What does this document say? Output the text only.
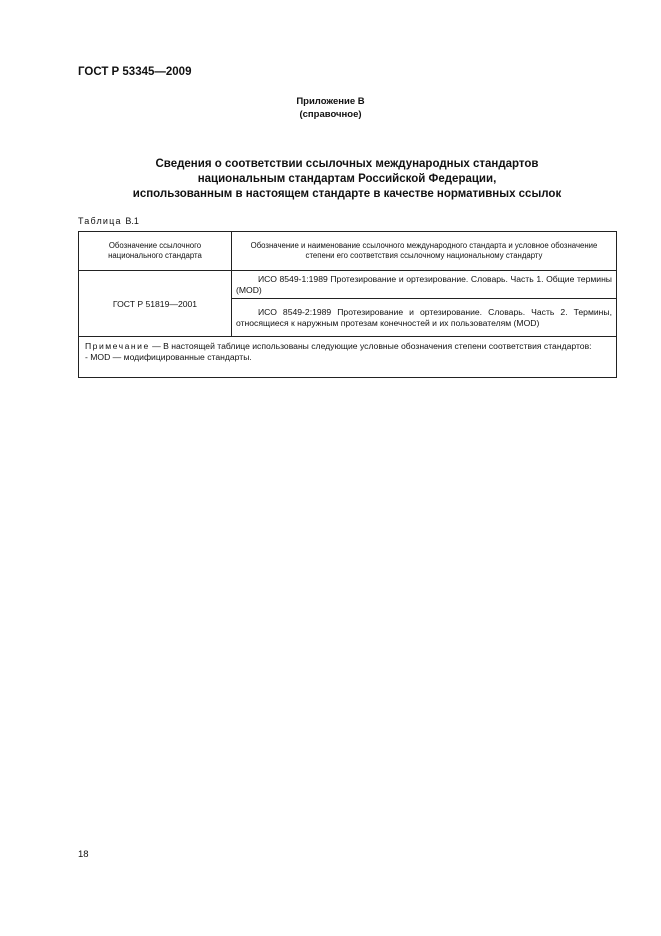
ГОСТ Р 53345—2009
Приложение В
(справочное)
Сведения о соответствии ссылочных международных стандартов
национальным стандартам Российской Федерации,
использованным в настоящем стандарте в качестве нормативных ссылок
Таблица В.1
Обозначение ссылочного национального стандарта	Обозначение и наименование ссылочного международного стандарта и условное обозначение степени его соответствия ссылочному национальному стандарту
ГОСТ Р 51819—2001	ИСО 8549-1:1989 Протезирование и ортезирование. Словарь. Часть 1. Общие термины (MOD)
	ИСО 8549-2:1989 Протезирование и ортезирование. Словарь. Часть 2. Термины, относящиеся к наружным протезам конечностей и их пользователям (MOD)
Примечание — В настоящей таблице использованы следующие условные обозначения степени соответствия стандартов:
- MOD — модифицированные стандарты.	
18
